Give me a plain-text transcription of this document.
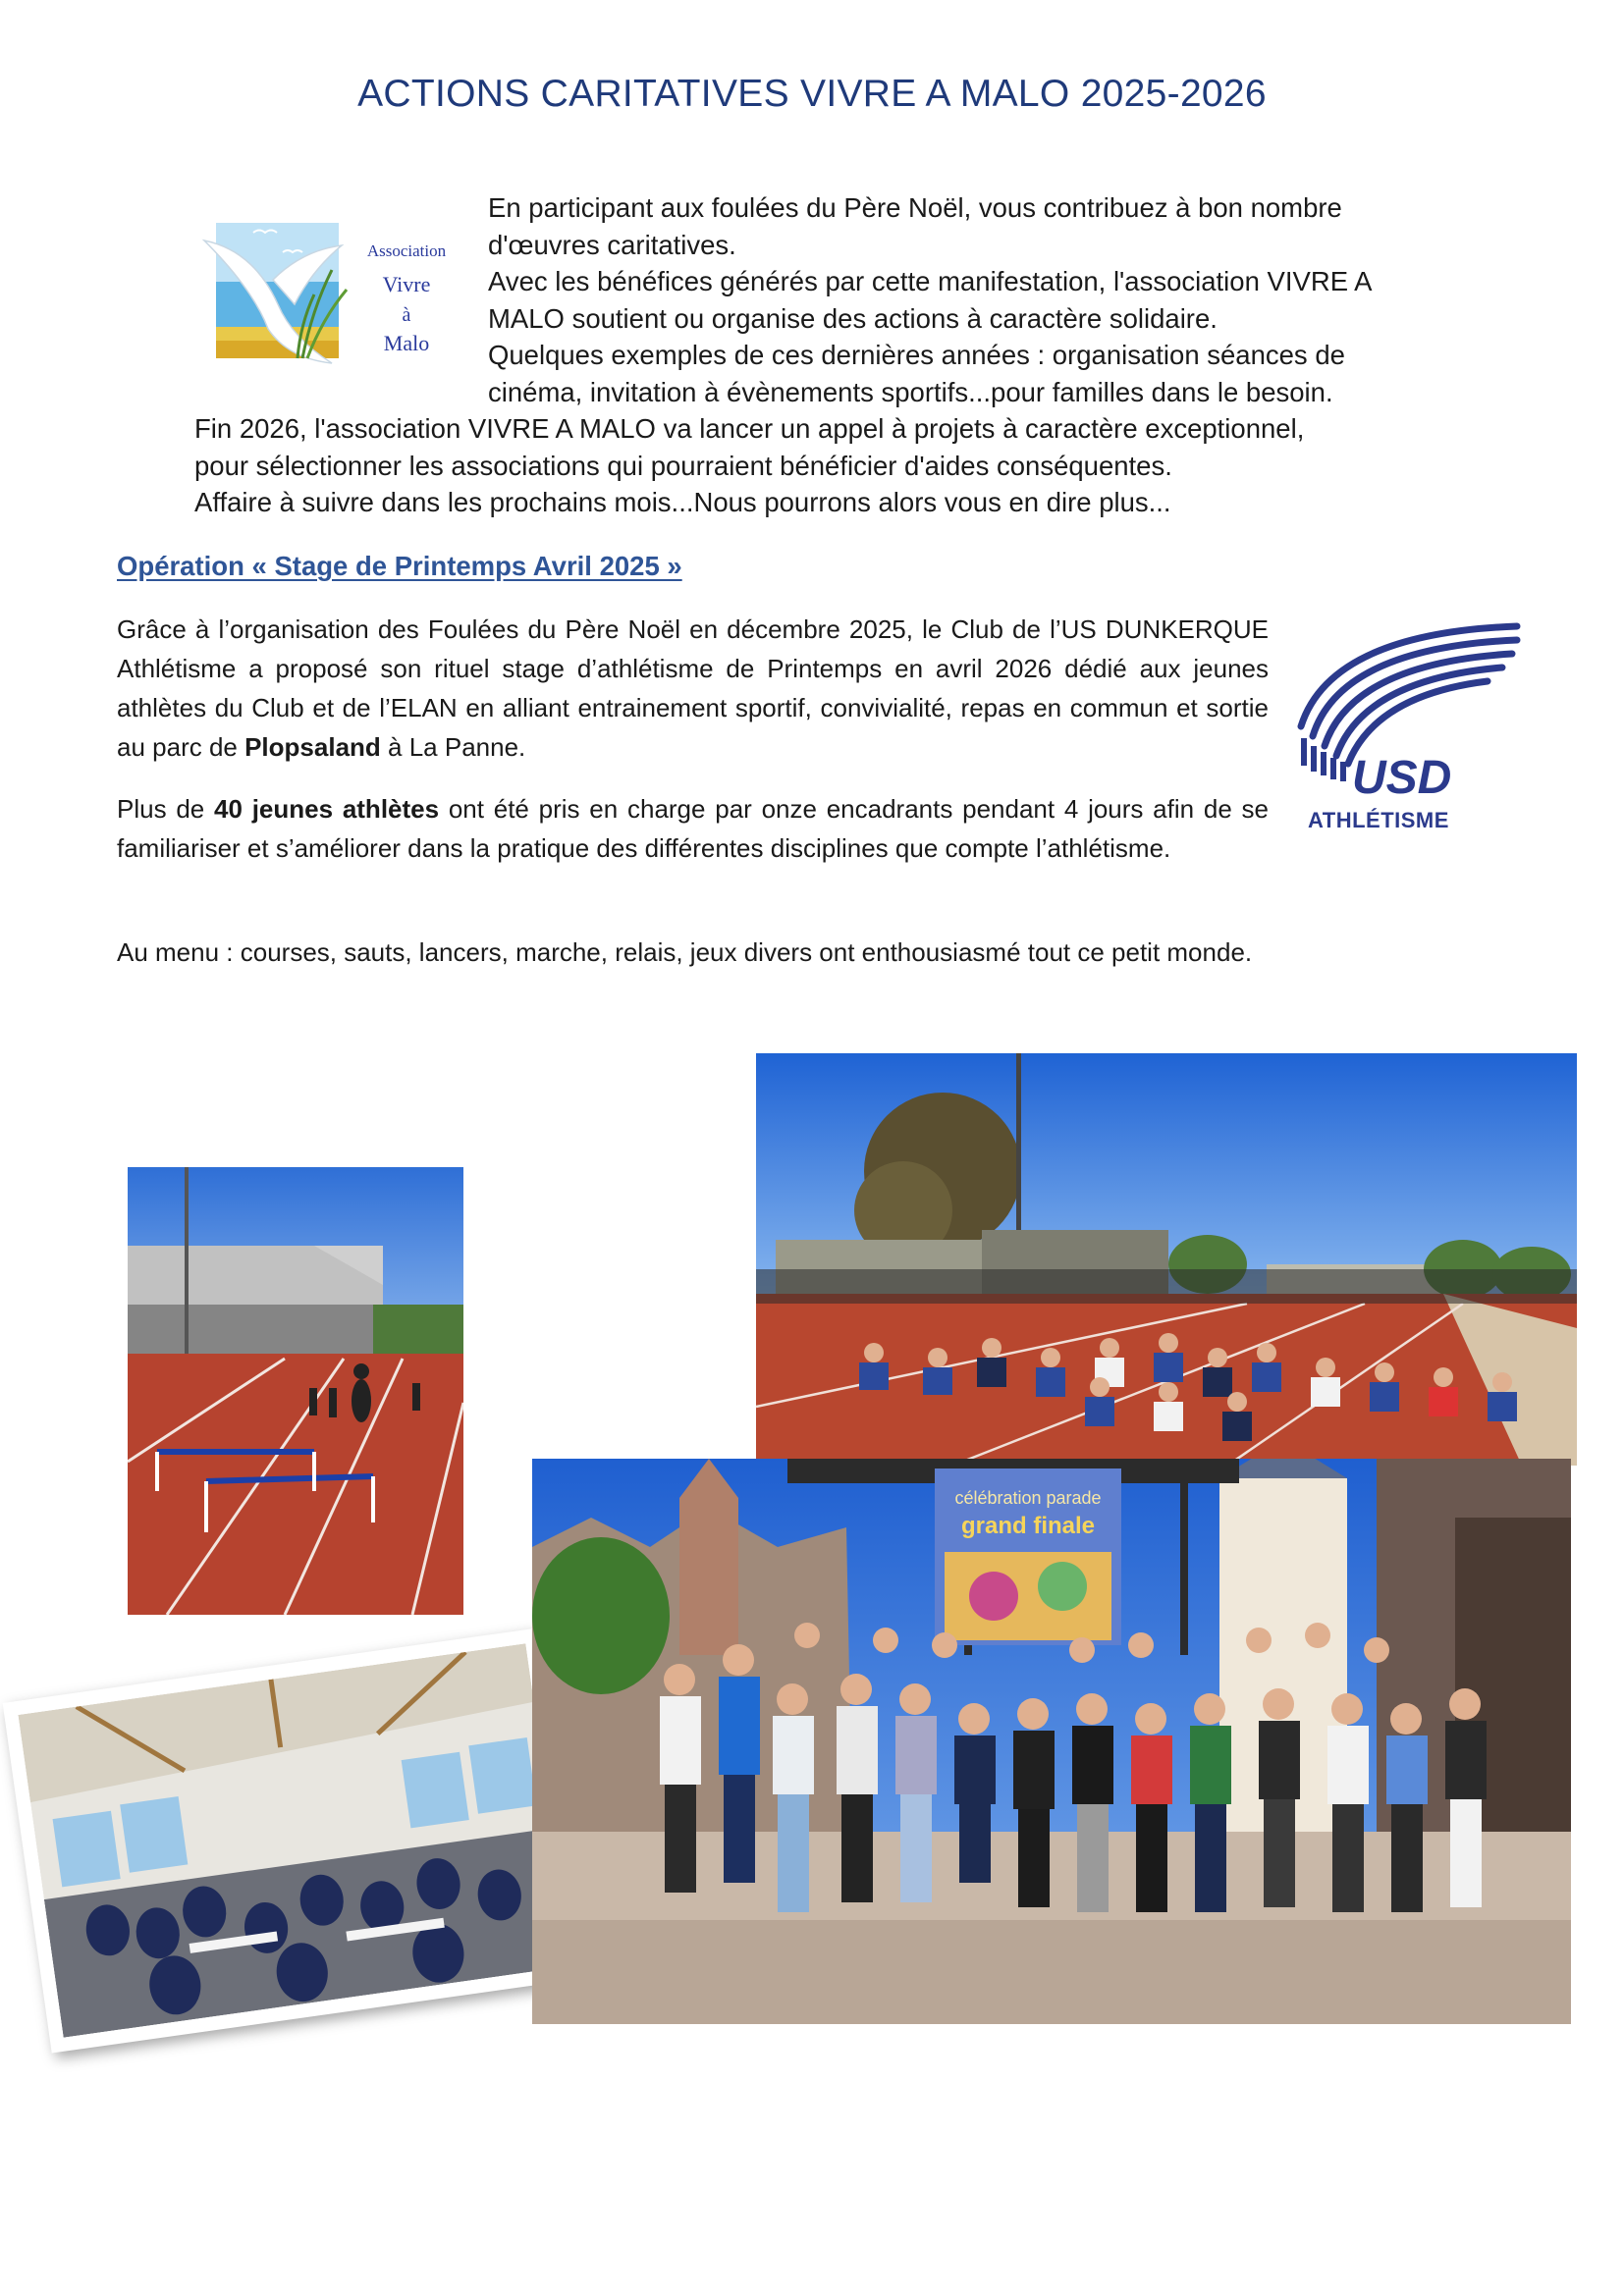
ACTIONS CARITATIVES VIVRE A MALO 2025-2026
Association
Vivre
à
Malo

En participant aux foulées du Père Noël, vous contribuez à bon nombre

d'œuvres caritatives.

Avec les bénéfices générés par cette manifestation, l'association VIVRE A

MALO soutient ou organise des actions à caractère solidaire.

Quelques exemples de ces dernières années : organisation séances de

cinéma, invitation à évènements sportifs...pour familles dans le besoin.

Fin 2026, l'association VIVRE A MALO va lancer un appel à projets à caractère exceptionnel,

pour sélectionner les associations qui pourraient bénéficier d'aides conséquentes.

Affaire à suivre dans les prochains mois...Nous pourrons alors vous en dire plus...

Opération « Stage de Printemps Avril 2025 »

Grâce à l’organisation des Foulées du Père Noël en décembre 2025, le Club de l’US DUNKERQUE Athlétisme a proposé son rituel stage d’athlétisme de Printemps en avril 2026 dédié aux jeunes athlètes du Club et de l’ELAN en alliant entrainement sportif, convivialité, repas en commun et sortie au parc de Plopsaland à La Panne.

Plus de 40 jeunes athlètes ont été pris en charge par onze encadrants pendant 4 jours afin de se familiariser et s’améliorer dans la pratique des différentes disciplines que compte l’athlétisme.

Au menu : courses, sauts, lancers, marche, relais, jeux divers ont enthousiasmé tout ce petit monde.

USD
ATHLÉTISME
célébration parade
grand finale
